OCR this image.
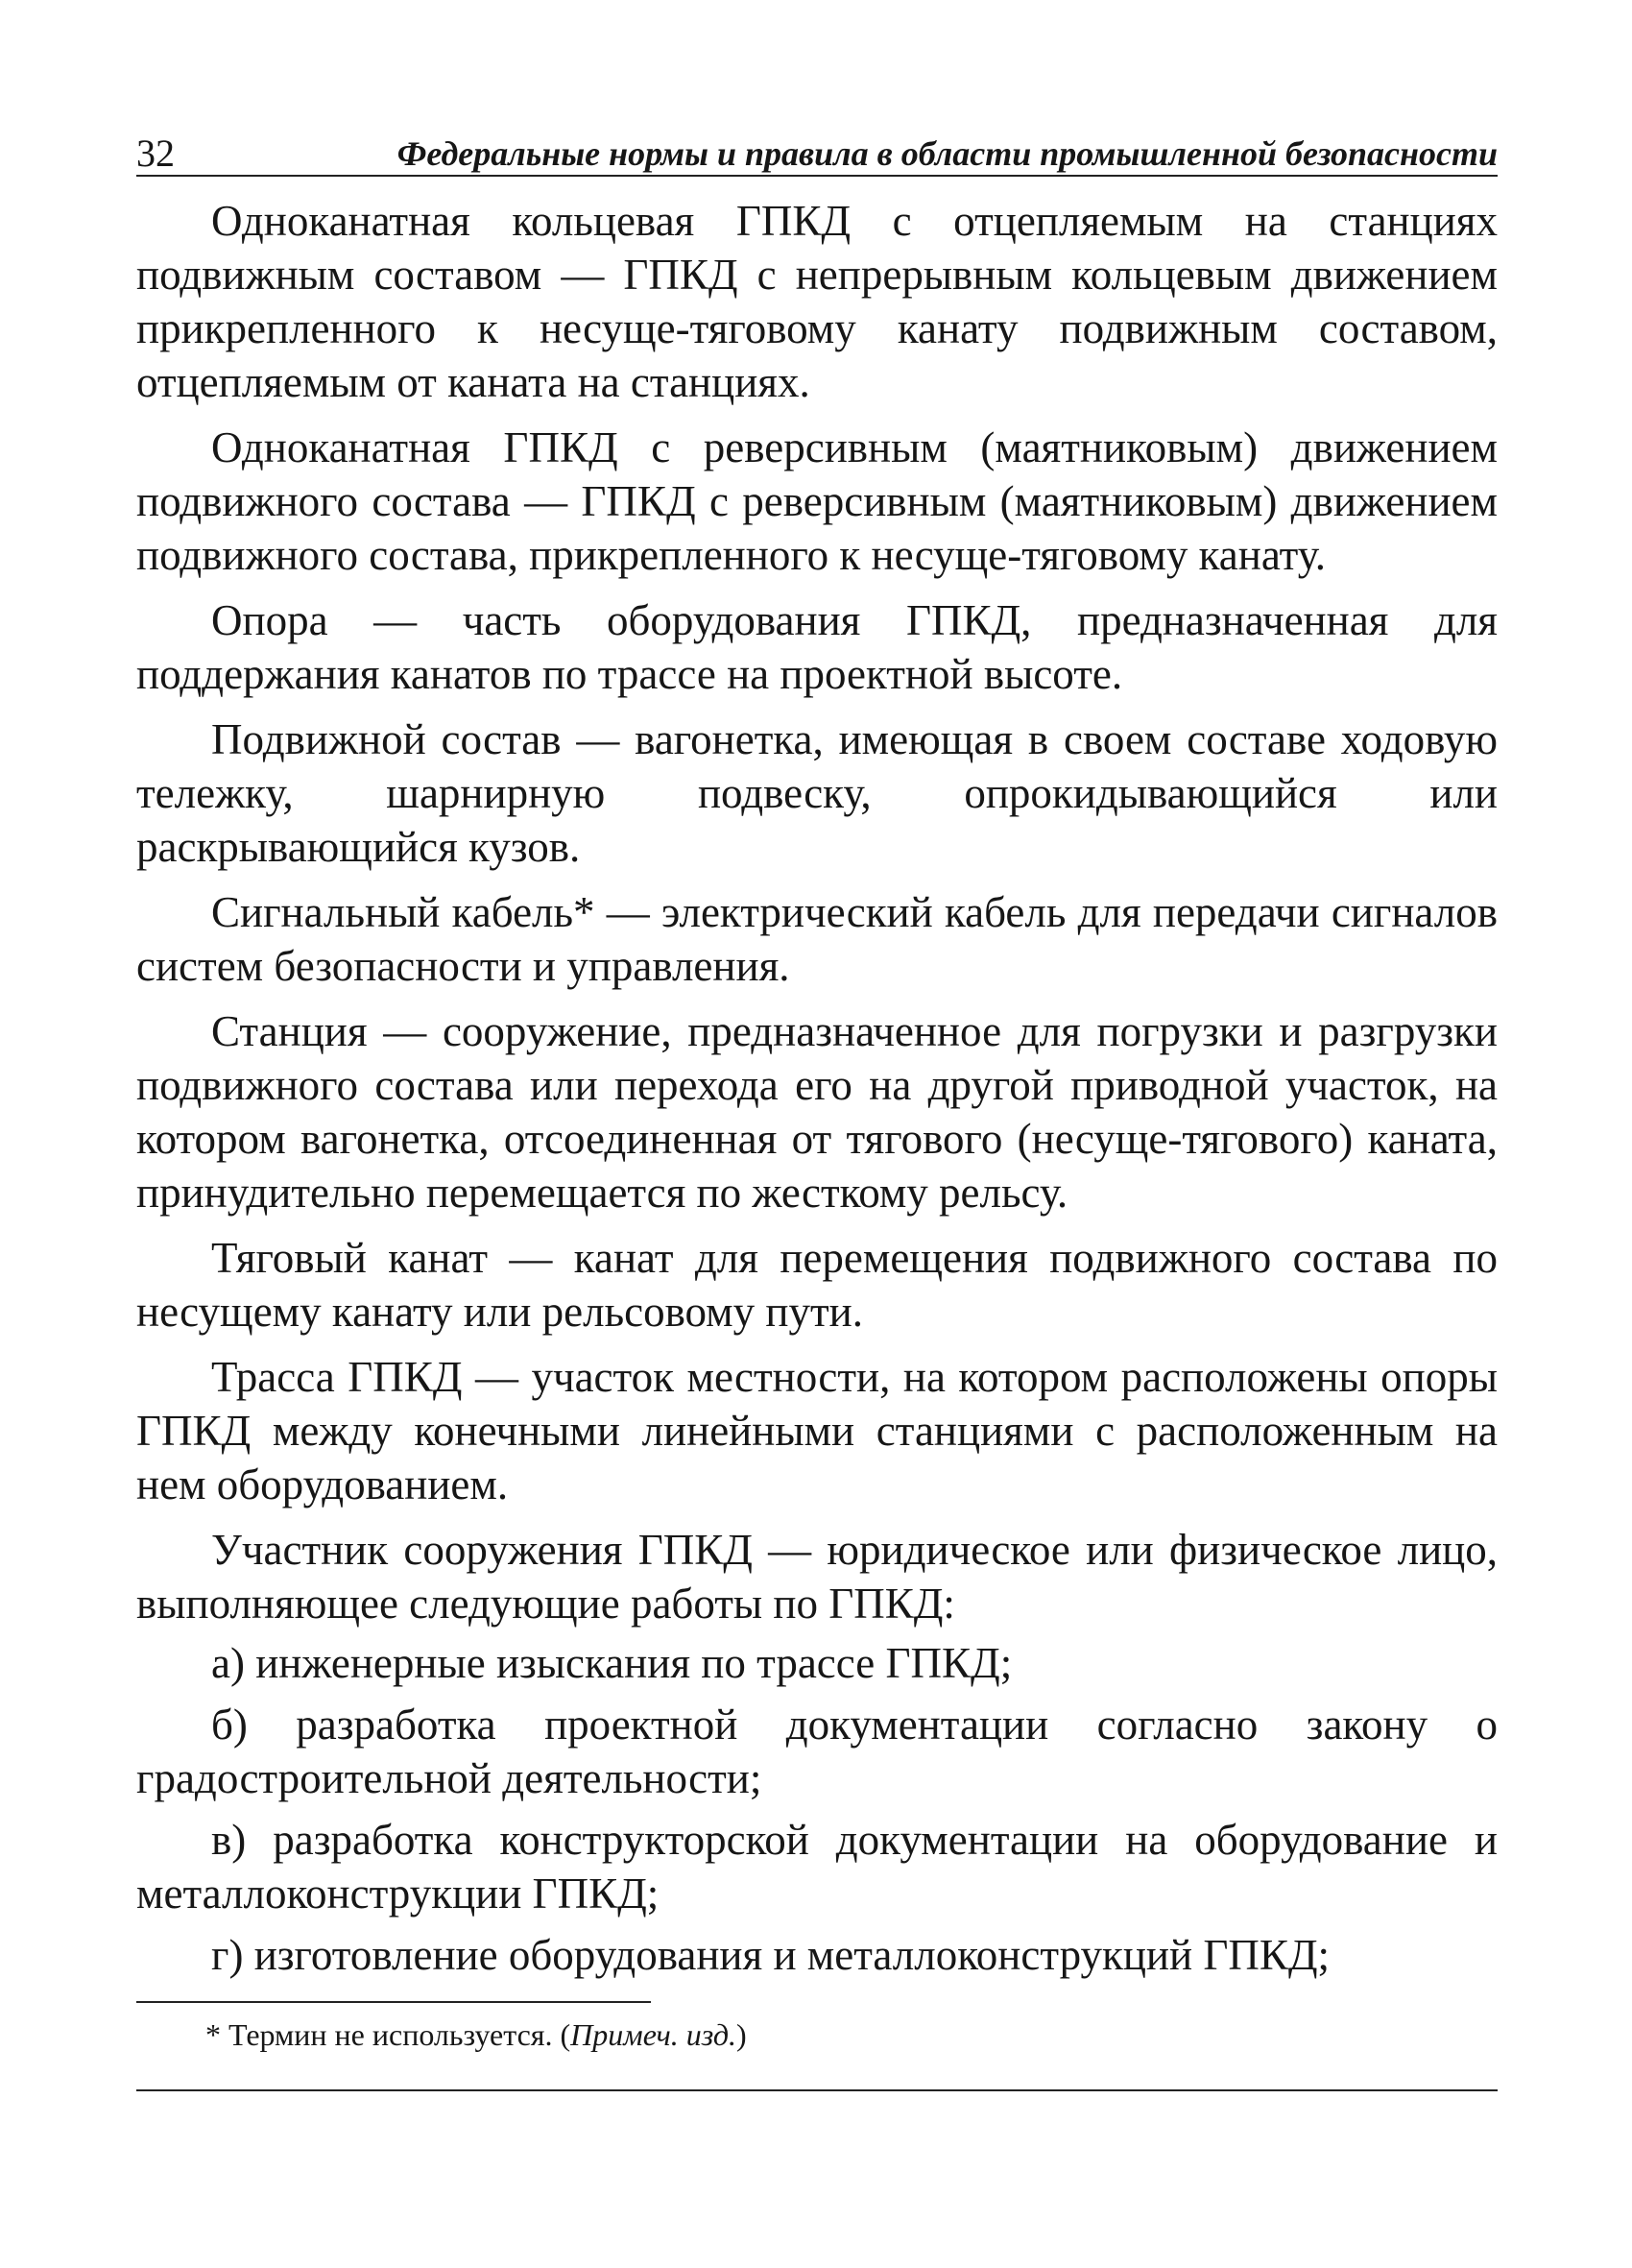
32	Федеральные нормы и правила в области промышленной безопасности

Одноканатная кольцевая ГПКД с отцепляемым на станциях подвижным составом — ГПКД с непрерывным кольцевым движением прикрепленного к несуще-тяговому канату подвижным составом, отцепляемым от каната на станциях.

Одноканатная ГПКД с реверсивным (маятниковым) движением подвижного состава — ГПКД с реверсивным (маятниковым) движением подвижного состава, прикрепленного к несуще-тяговому канату.

Опора — часть оборудования ГПКД, предназначенная для поддержания канатов по трассе на проектной высоте.

Подвижной состав — вагонетка, имеющая в своем составе ходовую тележку, шарнирную подвеску, опрокидывающийся или раскрывающийся кузов.

Сигнальный кабель* — электрический кабель для передачи сигналов систем безопасности и управления.

Станция — сооружение, предназначенное для погрузки и разгрузки подвижного состава или перехода его на другой приводной участок, на котором вагонетка, отсоединенная от тягового (несуще-тягового) каната, принудительно перемещается по жесткому рельсу.

Тяговый канат — канат для перемещения подвижного состава по несущему канату или рельсовому пути.

Трасса ГПКД — участок местности, на котором расположены опоры ГПКД между конечными линейными станциями с расположенным на нем оборудованием.

Участник сооружения ГПКД — юридическое или физическое лицо, выполняющее следующие работы по ГПКД:

а) инженерные изыскания по трассе ГПКД;

б) разработка проектной документации согласно закону о градостроительной деятельности;

в) разработка конструкторской документации на оборудование и металлоконструкции ГПКД;

г) изготовление оборудования и металлоконструкций ГПКД;

* Термин не используется. (Примеч. изд.)
